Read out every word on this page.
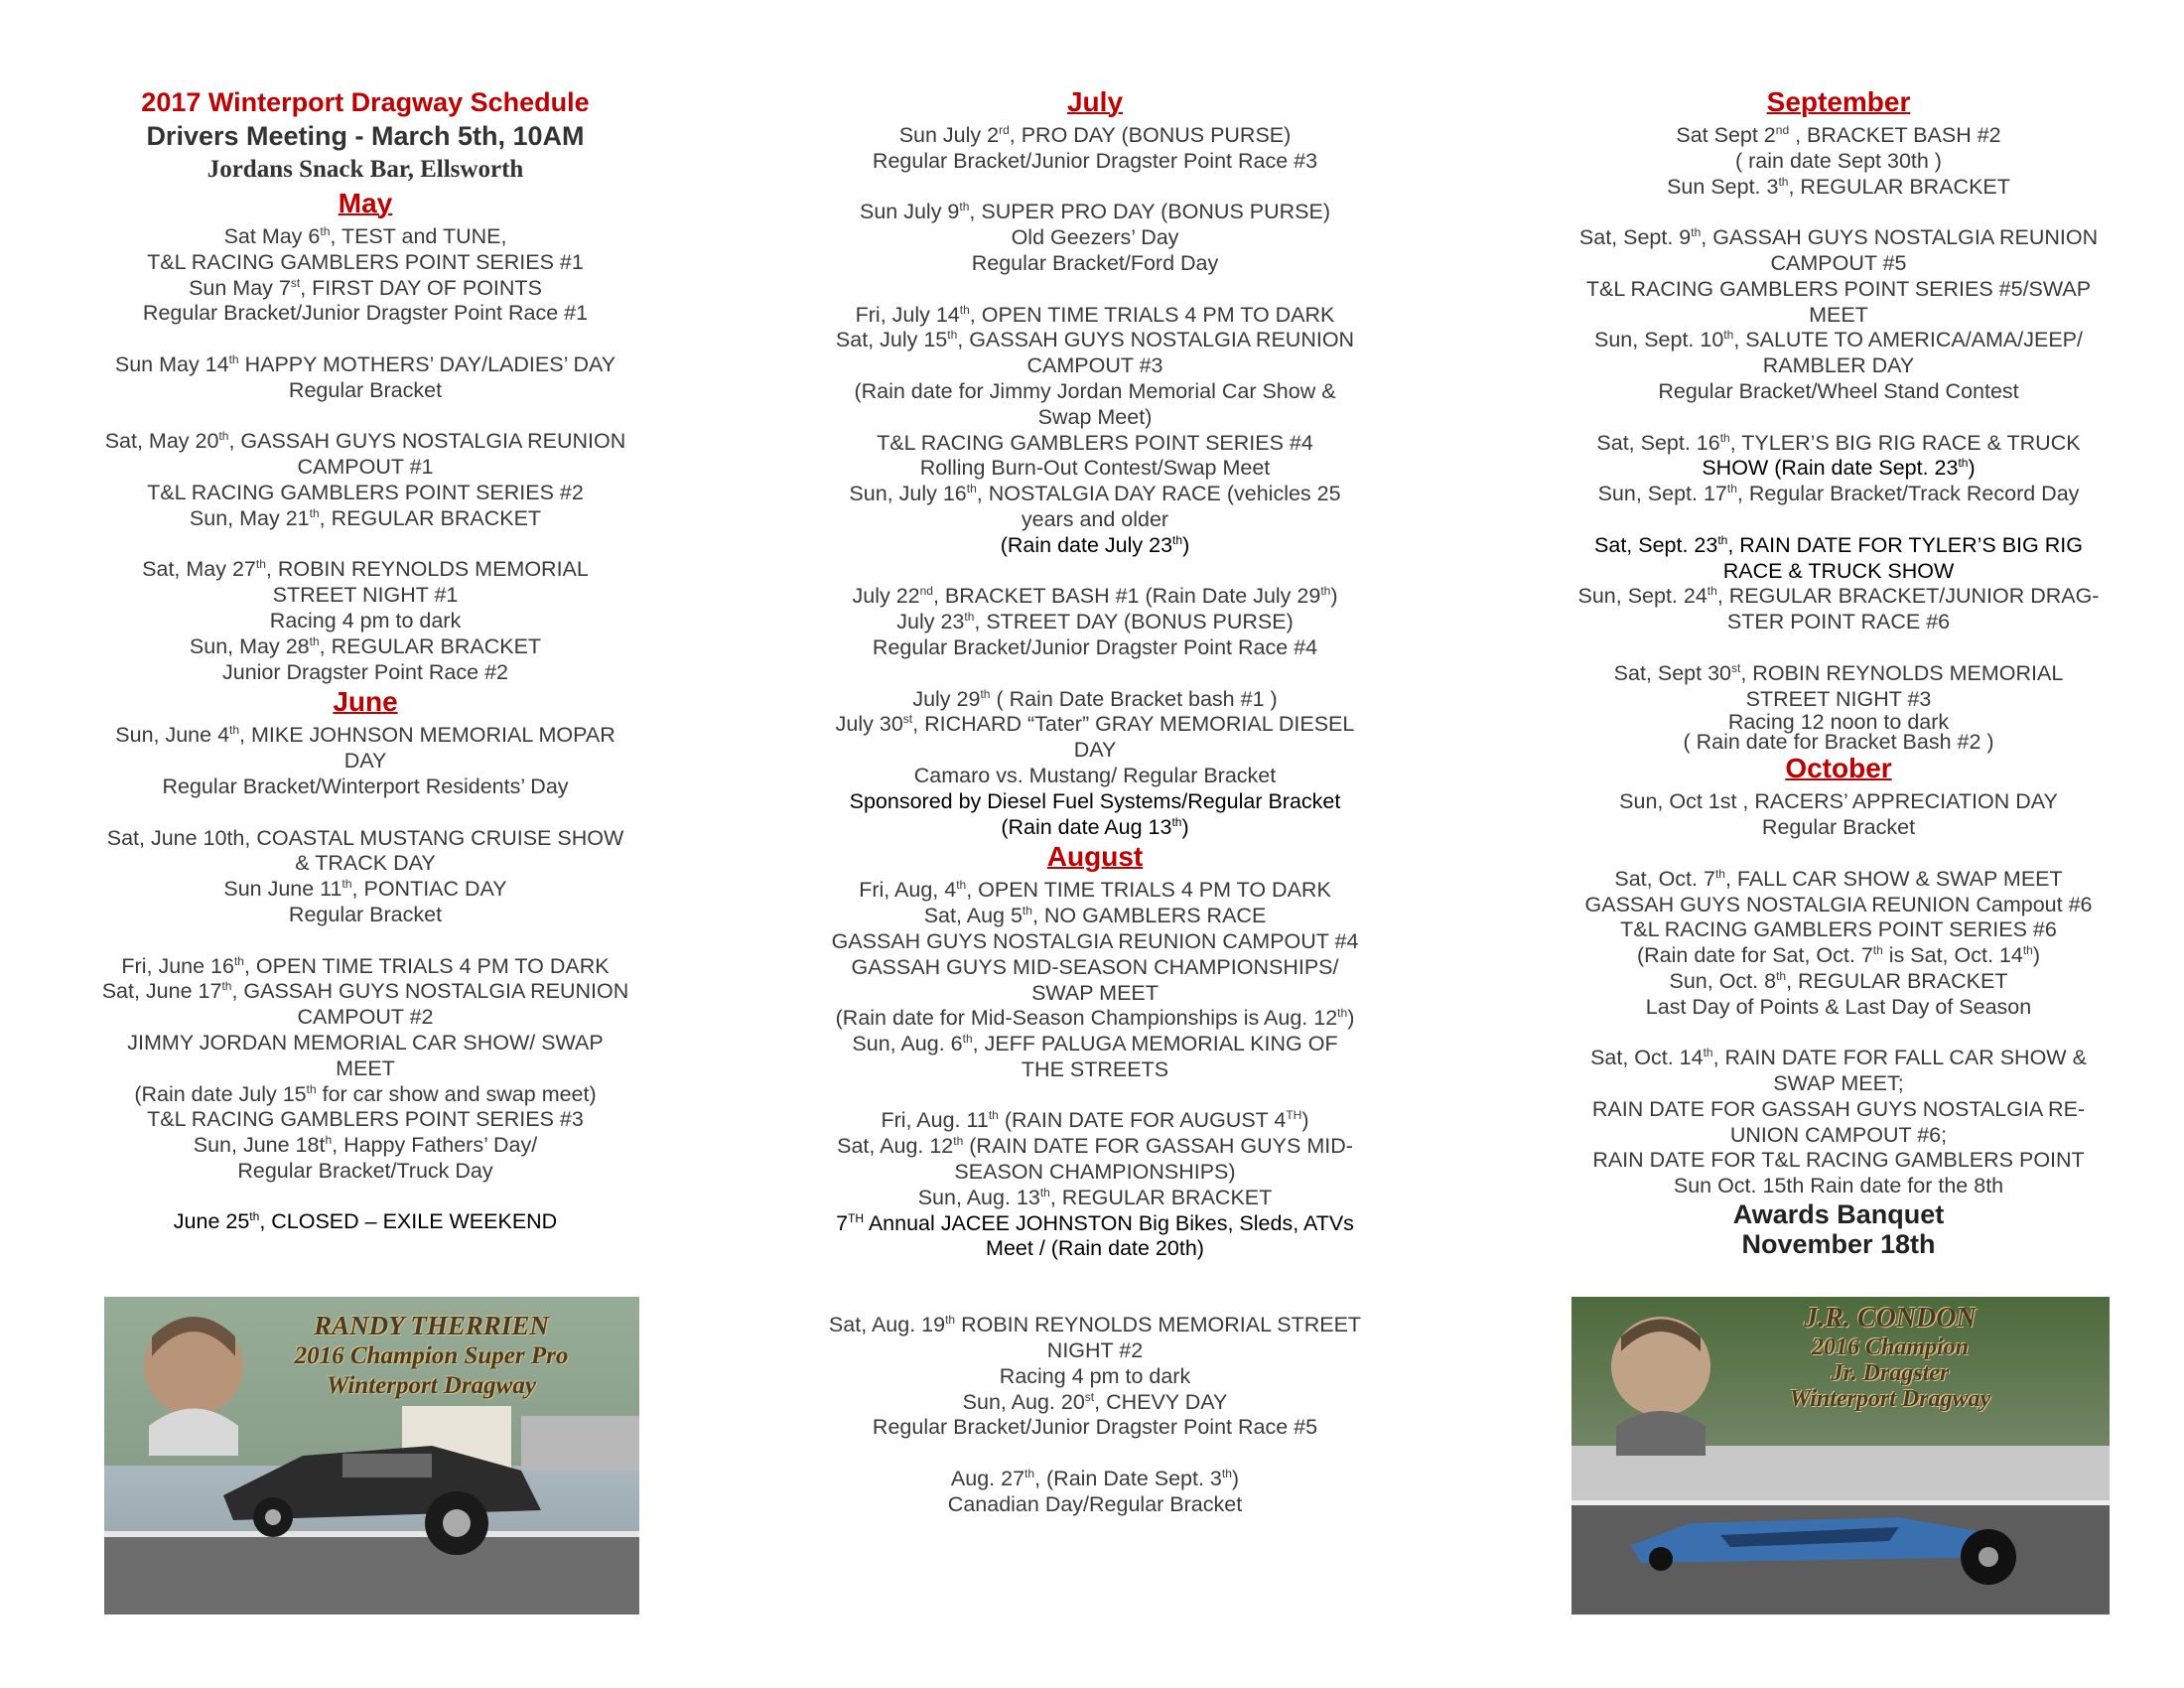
2017 Winterport Dragway Schedule
Drivers Meeting - March 5th, 10AM
Jordans Snack Bar, Ellsworth
May
Sat May 6th, TEST and TUNE,
T&L RACING GAMBLERS POINT SERIES #1
Sun May 7st, FIRST DAY OF POINTS
Regular Bracket/Junior Dragster Point Race #1
Sun May 14th HAPPY MOTHERS’ DAY/LADIES’ DAY
Regular Bracket
Sat, May 20th, GASSAH GUYS NOSTALGIA REUNION
CAMPOUT #1
T&L RACING GAMBLERS POINT SERIES #2
Sun, May 21th, REGULAR BRACKET
Sat, May 27th, ROBIN REYNOLDS MEMORIAL
STREET NIGHT #1
Racing 4 pm to dark
Sun, May 28th, REGULAR BRACKET
Junior Dragster Point Race #2
June
Sun, June 4th, MIKE JOHNSON MEMORIAL MOPAR
DAY
Regular Bracket/Winterport Residents’ Day
Sat, June 10th, COASTAL MUSTANG CRUISE SHOW
& TRACK DAY
Sun June 11th, PONTIAC DAY
Regular Bracket
Fri, June 16th, OPEN TIME TRIALS 4 PM TO DARK
Sat, June 17th, GASSAH GUYS NOSTALGIA REUNION
CAMPOUT #2
JIMMY JORDAN MEMORIAL CAR SHOW/ SWAP
MEET
(Rain date July 15th for car show and swap meet)
T&L RACING GAMBLERS POINT SERIES #3
Sun, June $18t^h$, Happy Fathers’ Day/
Regular Bracket/Truck Day
June 25th, CLOSED – EXILE WEEKEND
July
Sun July 2rd, PRO DAY (BONUS PURSE)
Regular Bracket/Junior Dragster Point Race #3
Sun July 9th, SUPER PRO DAY (BONUS PURSE)
Old Geezers’ Day
Regular Bracket/Ford Day
Fri, July 14th, OPEN TIME TRIALS 4 PM TO DARK
Sat, July 15th, GASSAH GUYS NOSTALGIA REUNION
CAMPOUT #3
(Rain date for Jimmy Jordan Memorial Car Show &
Swap Meet)
T&L RACING GAMBLERS POINT SERIES #4
Rolling Burn-Out Contest/Swap Meet
Sun, July 16th, NOSTALGIA DAY RACE (vehicles 25
years and older
(Rain date July 23th)
July 22nd, BRACKET BASH #1 (Rain Date July 29th)
July 23th, STREET DAY (BONUS PURSE)
Regular Bracket/Junior Dragster Point Race #4
July 29th ( Rain Date Bracket bash #1 )
July 30st, RICHARD “Tater” GRAY MEMORIAL DIESEL
DAY
Camaro vs. Mustang/ Regular Bracket
Sponsored by Diesel Fuel Systems/Regular Bracket
(Rain date Aug 13th)
August
Fri, Aug, 4th, OPEN TIME TRIALS 4 PM TO DARK
Sat, Aug 5th, NO GAMBLERS RACE
GASSAH GUYS NOSTALGIA REUNION CAMPOUT #4
GASSAH GUYS MID-SEASON CHAMPIONSHIPS/
SWAP MEET
(Rain date for Mid-Season Championships is Aug. 12th)
Sun, Aug. 6th, JEFF PALUGA MEMORIAL KING OF
THE STREETS
Fri, Aug. 11th (RAIN DATE FOR AUGUST 4TH)
Sat, Aug. 12th (RAIN DATE FOR GASSAH GUYS MID-
SEASON CHAMPIONSHIPS)
Sun, Aug. 13th, REGULAR BRACKET
7TH Annual JACEE JOHNSTON Big Bikes, Sleds, ATVs
Meet / (Rain date 20th)
Sat, Aug. 19th ROBIN REYNOLDS MEMORIAL STREET
NIGHT #2
Racing 4 pm to dark
Sun, Aug. 20st, CHEVY DAY
Regular Bracket/Junior Dragster Point Race #5
Aug. 27th, (Rain Date Sept. 3th)
Canadian Day/Regular Bracket
September
Sat Sept 2nd , BRACKET BASH #2
( rain date Sept 30th )
Sun Sept. 3th, REGULAR BRACKET
Sat, Sept. 9th, GASSAH GUYS NOSTALGIA REUNION
CAMPOUT #5
T&L RACING GAMBLERS POINT SERIES #5/SWAP
MEET
Sun, Sept. 10th, SALUTE TO AMERICA/AMA/JEEP/
RAMBLER DAY
Regular Bracket/Wheel Stand Contest
Sat, Sept. 16th, TYLER’S BIG RIG RACE & TRUCK
SHOW (Rain date Sept. 23th)
Sun, Sept. 17th, Regular Bracket/Track Record Day
Sat, Sept. 23th, RAIN DATE FOR TYLER’S BIG RIG
RACE & TRUCK SHOW
Sun, Sept. 24th, REGULAR BRACKET/JUNIOR DRAG-
STER POINT RACE #6
Sat, Sept 30st, ROBIN REYNOLDS MEMORIAL
STREET NIGHT #3
Racing 12 noon to dark
( Rain date for Bracket Bash #2 )
October
Sun, Oct 1st , RACERS’ APPRECIATION DAY
Regular Bracket
Sat, Oct. 7th, FALL CAR SHOW & SWAP MEET
GASSAH GUYS NOSTALGIA REUNION Campout #6
T&L RACING GAMBLERS POINT SERIES #6
(Rain date for Sat, Oct. 7th is Sat, Oct. 14th)
Sun, Oct. 8th, REGULAR BRACKET
Last Day of Points & Last Day of Season
Sat, Oct. 14th, RAIN DATE FOR FALL CAR SHOW &
SWAP MEET;
RAIN DATE FOR GASSAH GUYS NOSTALGIA RE-
UNION CAMPOUT #6;
RAIN DATE FOR T&L RACING GAMBLERS POINT
Sun Oct. 15th Rain date for the 8th
Awards Banquet
November 18th
RANDY THERRIEN
2016 Champion Super Pro
Winterport Dragway
J.R. CONDON
2016 Champion
Jr. Dragster
Winterport Dragway
